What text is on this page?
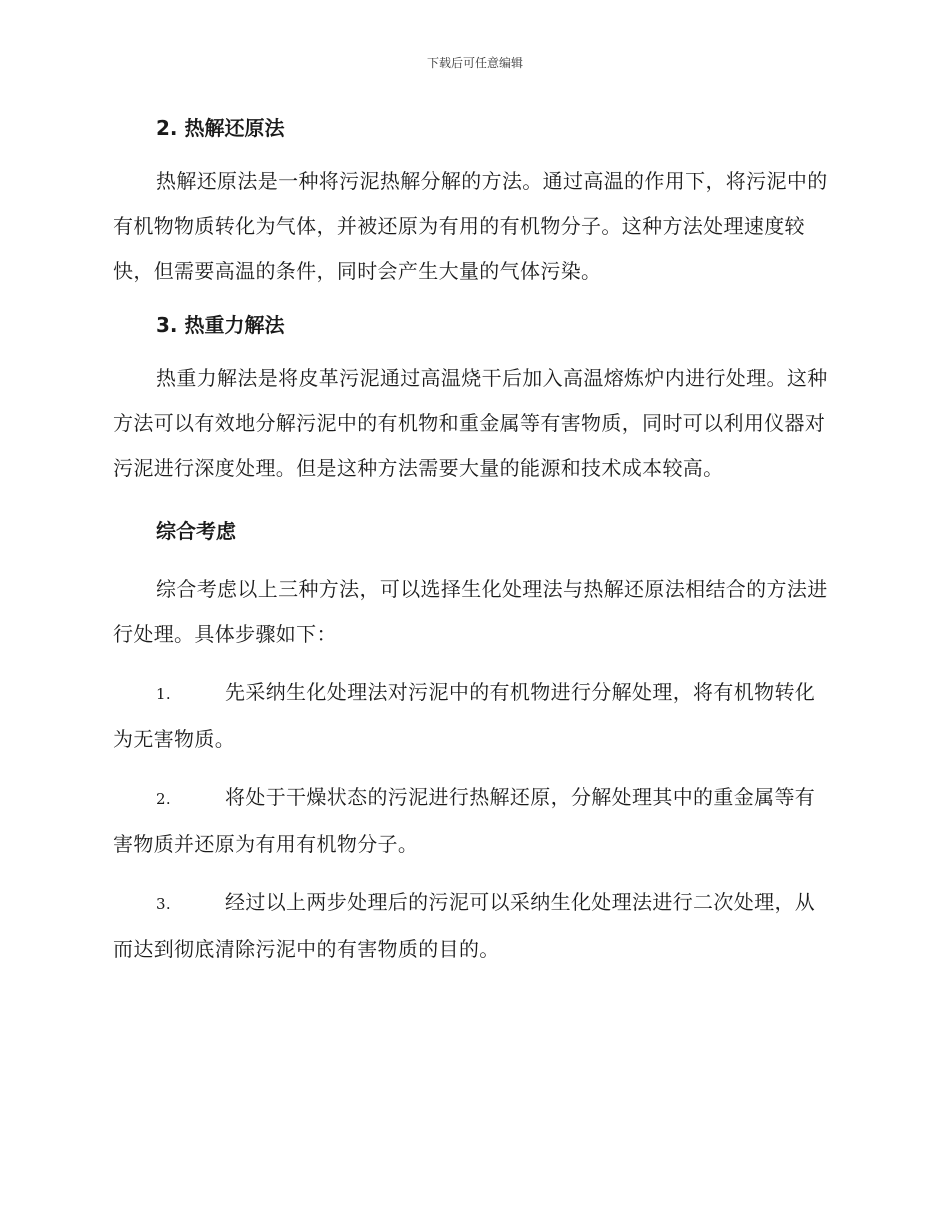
下载后可任意编辑
2. 热解还原法

热解还原法是一种将污泥热解分解的方法。通过高温的作用下，将污泥中的有机物物质转化为气体，并被还原为有用的有机物分子。这种方法处理速度较快，但需要高温的条件，同时会产生大量的气体污染。

3. 热重力解法

热重力解法是将皮革污泥通过高温烧干后加入高温熔炼炉内进行处理。这种方法可以有效地分解污泥中的有机物和重金属等有害物质，同时可以利用仪器对污泥进行深度处理。但是这种方法需要大量的能源和技术成本较高。

综合考虑

综合考虑以上三种方法，可以选择生化处理法与热解还原法相结合的方法进行处理。具体步骤如下：

1.	先采纳生化处理法对污泥中的有机物进行分解处理，将有机物转化为无害物质。

2.	将处于干燥状态的污泥进行热解还原，分解处理其中的重金属等有害物质并还原为有用有机物分子。

3.	经过以上两步处理后的污泥可以采纳生化处理法进行二次处理，从而达到彻底清除污泥中的有害物质的目的。
